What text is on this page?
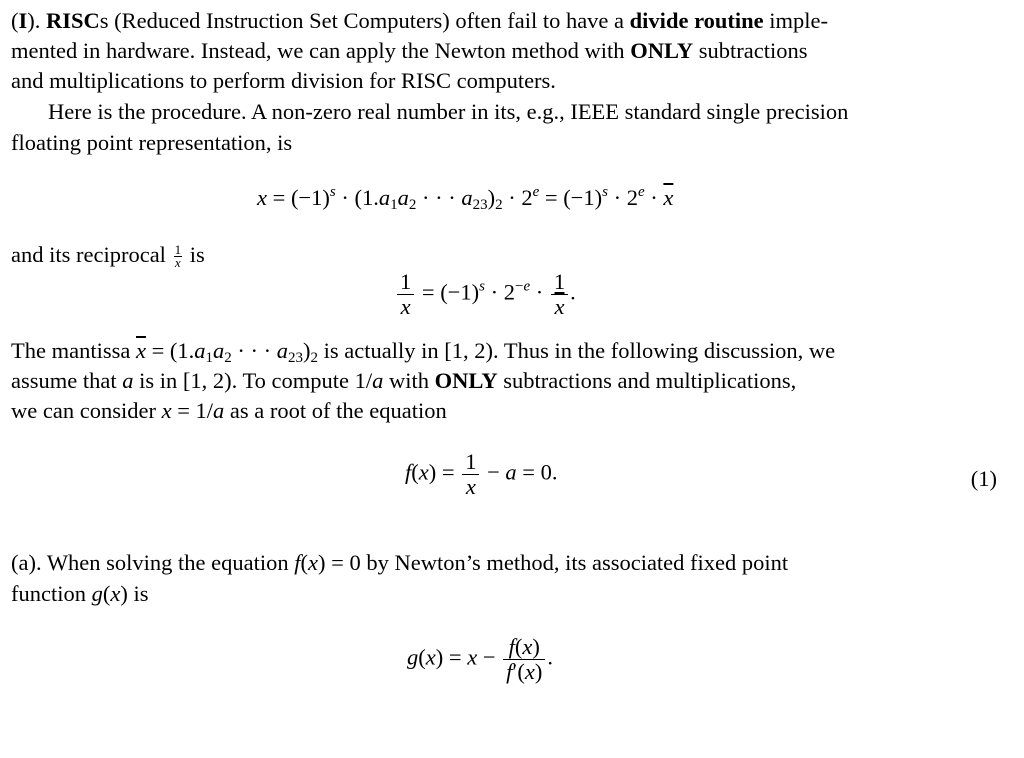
(I). RISCs (Reduced Instruction Set Computers) often fail to have a divide routine imple-
mented in hardware. Instead, we can apply the Newton method with ONLY subtractions
and multiplications to perform division for RISC computers.
Here is the procedure. A non-zero real number in its, e.g., IEEE standard single precision
floating point representation, is
$x = (-1)^s \cdot (1.a_1a_2$ · · · $a_{23})_2 \cdot 2^e = (-1)^s \cdot 2^e \cdot \overline{x}$
and its reciprocal $\frac{1}{x}$ is
$\frac{1}{x} = (-1)^s \cdot 2^{-e} \cdot \frac{1}{x}$ .
The mantissa $\overline{x} = (1.a_1a_2$ · · · $a_{23})_2$ is actually in [1, 2). Thus in the following discussion, we
assume that a is in [1, 2). To compute 1/a with ONLY subtractions and multiplications,
we can consider x = 1/a as a root of the equation
$f(x) = \frac{1}{x} - a = 0$.	(1)
(a). When solving the equation f(x) = 0 by Newton’s method, its associated fixed point
function g(x) is
$g(x) = x - \frac{f(x)}{f'(x)}$ .
